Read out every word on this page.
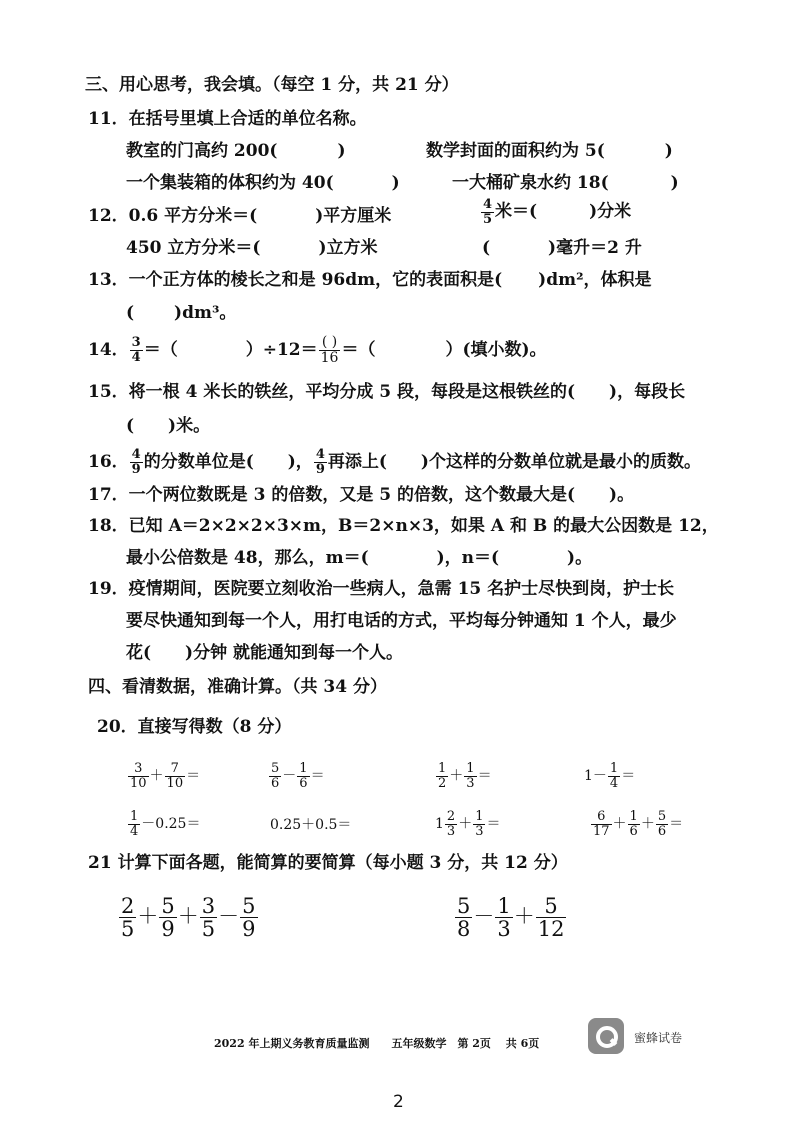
三、用心思考，我会填。（每空 1 分，共 21 分）
11．在括号里填上合适的单位名称。
教室的门高约 200(	)	数学封面的面积约为 5(	)
一个集装箱的体积约为 40(	)	一大桶矿泉水约 18(	)
12．0.6 平方分米＝(	)平方厘米	$\frac{4}{5}$ 米＝(	)分米
450 立方分米＝(	)立方米	(	)毫升＝2 升
13．一个正方体的棱长之和是 96dm，它的表面积是( )dm²，体积是
( )dm³。
14． $\frac{3}{4}$ ＝（	）$\div 12= \frac{( )}{16}$ ＝（	）(填小数)。
15．将一根 4 米长的铁丝，平均分成 5 段，每段是这根铁丝的(　　)，每段长
(　　)米。
16． $\frac{4}{9}$ 的分数单位是(　　)， $\frac{4}{9}$ 再添上(　　)个这样的分数单位就是最小的质数。
17．一个两位数既是 3 的倍数，又是 5 的倍数，这个数最大是(　　)。
18．已知 A＝2×2×2×3×m，B＝2×n×3，如果 A 和 B 的最大公因数是 12，
最小公倍数是 48，那么，m＝(　　　　)，n＝(　　　　)。
19．疫情期间，医院要立刻收治一些病人，急需 15 名护士尽快到岗，护士长
要尽快通知到每一个人，用打电话的方式，平均每分钟通知 1 个人，最少
花(　　)分钟 就能通知到每一个人。
四、看清数据，准确计算。（共 34 分）
20．直接写得数（8 分）
$\frac{3}{10} + \frac{7}{10}$ ＝	$\frac{5}{6} - \frac{1}{6}$ ＝	$\frac{1}{2} + \frac{1}{3}$ ＝	$1- \frac{1}{4}$ ＝
$\frac{1}{4} -0.25=$	0.25＋0.5＝	$1 \frac{2}{3} + \frac{1}{3}$ ＝	$\frac{6}{17} + \frac{1}{6} + \frac{5}{6}$ ＝
21 计算下面各题，能简算的要简算（每小题 3 分，共 12 分）
$\frac{2}{5} + \frac{5}{9} + \frac{3}{5} - \frac{5}{9}$	$\frac{5}{8} - \frac{1}{3} + \frac{5}{12}$
2022 年上期义务教育质量监测　　五年级数学　第 2页　 共 6页	蜜蜂试卷
2
